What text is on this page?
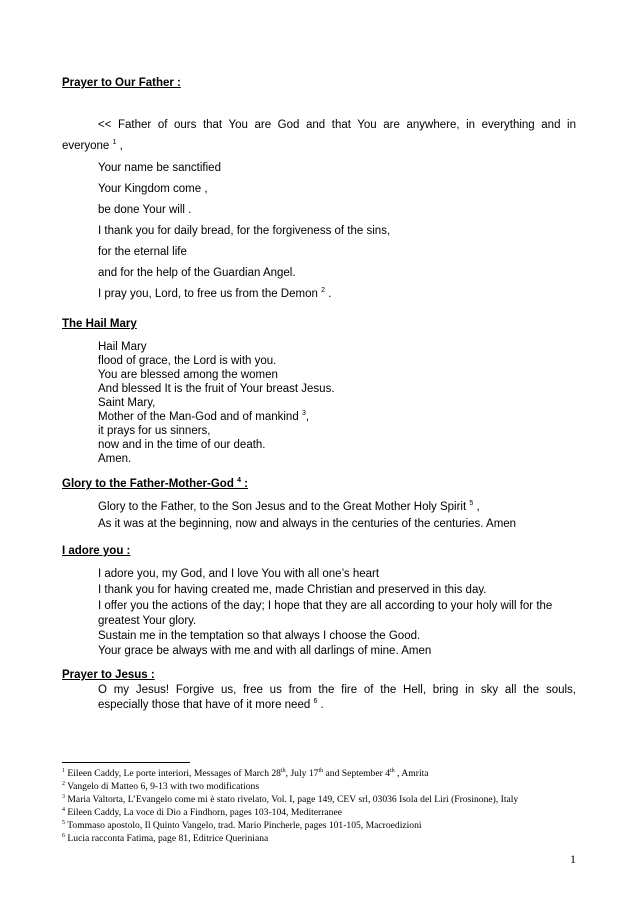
Prayer to Our Father :
<< Father of ours that You are God and that You are anywhere, in everything and in
everyone $^1$ ,
Your name be sanctified
Your Kingdom come ,
be done Your will .
I thank you for daily bread, for the forgiveness of the sins,
for the eternal life
and for the help of the Guardian Angel.
I pray you, Lord, to free us from the Demon $^2$ .
The Hail Mary
Hail Mary
flood of grace, the Lord is with you.
You are blessed among the women
And blessed It is the fruit of Your breast Jesus.
Saint Mary,
Mother of the Man-God and of mankind $^3$,
it prays for us sinners,
now and in the time of our death.
Amen.
Glory to the Father-Mother-God $^4$ :
Glory to the Father, to the Son Jesus and to the Great Mother Holy Spirit $^5$ ,
As it was at the beginning, now and always in the centuries of the centuries. Amen
I adore you :
I adore you, my God, and I love You with all one’s heart
I thank you for having created me, made Christian and preserved in this day.
I offer you the actions of the day; I hope that they are all according to your holy will for the
greatest Your glory.
Sustain me in the temptation so that always I choose the Good.
Your grace be always with me and with all darlings of mine. Amen
Prayer to Jesus :
O my Jesus! Forgive us, free us from the fire of the Hell, bring in sky all the souls,
especially those that have of it more need $^6$ .
$^1$ Eileen Caddy, Le porte interiori, Messages of March 28th, July 17th and September 4th , Amrita
$^2$ Vangelo di Matteo 6, 9-13 with two modifications
$^3$ Maria Valtorta, L’Evangelo come mi è stato rivelato, Vol. I, page 149, CEV srl, 03036 Isola del Liri (Frosinone), Italy
$^4$ Eileen Caddy, La voce di Dio a Findhorn, pages 103-104, Mediterranee
$^5$ Tommaso apostolo, Il Quinto Vangelo, trad. Mario Pincherle, pages 101-105, Macroedizioni
$^6$ Lucia racconta Fatima, page 81, Editrice Queriniana
1
